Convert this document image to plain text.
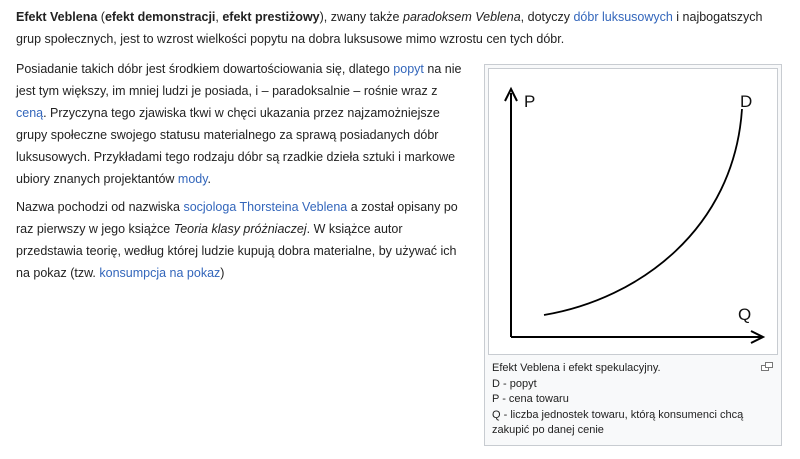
Efekt Veblena (efekt demonstracji, efekt prestiżowy), zwany także paradoksem Veblena, dotyczy dóbr luksusowych i najbogatszych grup społecznych, jest to wzrost wielkości popytu na dobra luksusowe mimo wzrostu cen tych dóbr.

Posiadanie takich dóbr jest środkiem dowartościowania się, dlatego popyt na nie jest tym większy, im mniej ludzi je posiada, i – paradoksalnie – rośnie wraz z ceną. Przyczyna tego zjawiska tkwi w chęci ukazania przez najzamożniejsze grupy społeczne swojego statusu materialnego za sprawą posiadanych dóbr luksusowych. Przykładami tego rodzaju dóbr są rzadkie dzieła sztuki i markowe ubiory znanych projektantów mody.

Nazwa pochodzi od nazwiska socjologa Thorsteina Veblena a został opisany po raz pierwszy w jego książce Teoria klasy próżniaczej. W książce autor przedstawia teorię, według której ludzie kupują dobra materialne, by używać ich na pokaz (tzw. konsumpcja na pokaz)

P	D
Q
Efekt Veblena i efekt spekulacyjny.
D - popyt
P - cena towaru
Q - liczba jednostek towaru, którą konsumenci chcą zakupić po danej cenie
